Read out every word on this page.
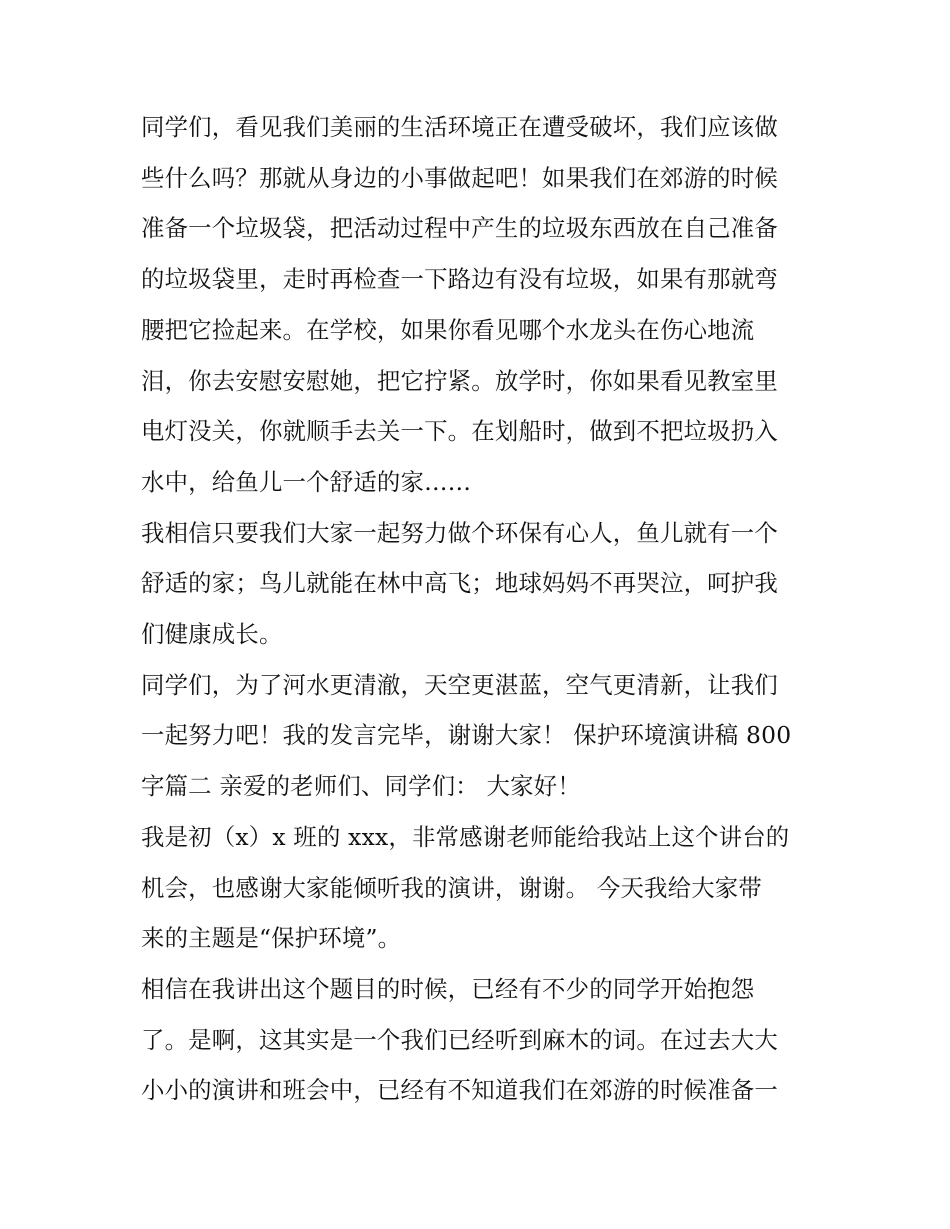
同学们，看见我们美丽的生活环境正在遭受破坏，我们应该做
些什么吗？那就从身边的小事做起吧！如果我们在郊游的时候
准备一个垃圾袋，把活动过程中产生的垃圾东西放在自己准备
的垃圾袋里，走时再检查一下路边有没有垃圾，如果有那就弯
腰把它捡起来。在学校，如果你看见哪个水龙头在伤心地流
泪，你去安慰安慰她，把它拧紧。放学时，你如果看见教室里
电灯没关，你就顺手去关一下。在划船时，做到不把垃圾扔入
水中，给鱼儿一个舒适的家……
我相信只要我们大家一起努力做个环保有心人，鱼儿就有一个
舒适的家；鸟儿就能在林中高飞；地球妈妈不再哭泣，呵护我
们健康成长。
同学们，为了河水更清澈，天空更湛蓝，空气更清新，让我们
一起努力吧！我的发言完毕，谢谢大家！ 保护环境演讲稿 800
字篇二 亲爱的老师们、同学们： 大家好！
我是初（x）x 班的 xxx，非常感谢老师能给我站上这个讲台的
机会，也感谢大家能倾听我的演讲，谢谢。 今天我给大家带
来的主题是“保护环境”。
相信在我讲出这个题目的时候，已经有不少的同学开始抱怨
了。是啊，这其实是一个我们已经听到麻木的词。在过去大大
小小的演讲和班会中，已经有不知道我们在郊游的时候准备一
